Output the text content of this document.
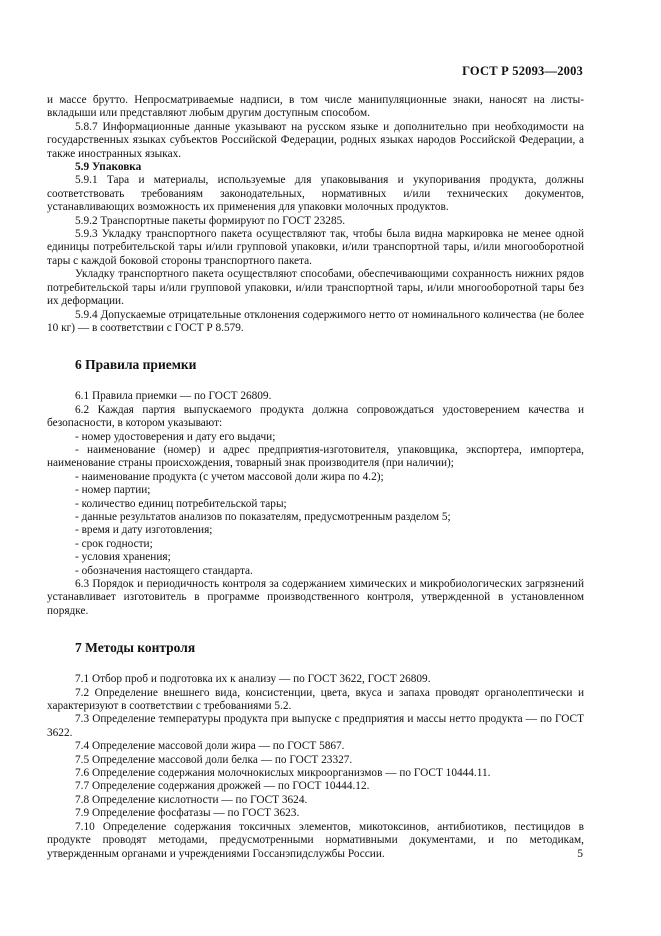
ГОСТ Р 52093—2003

и массе брутто. Непросматриваемые надписи, в том числе манипуляционные знаки, наносят на листы-вкладыши или представляют любым другим доступным способом.

5.8.7 Информационные данные указывают на русском языке и дополнительно при необходимости на государственных языках субъектов Российской Федерации, родных языках народов Российской Федерации, а также иностранных языках.

5.9 Упаковка

5.9.1 Тара и материалы, используемые для упаковывания и укупоривания продукта, должны соответствовать требованиям законодательных, нормативных и/или технических документов, устанавливающих возможность их применения для упаковки молочных продуктов.

5.9.2 Транспортные пакеты формируют по ГОСТ 23285.

5.9.3 Укладку транспортного пакета осуществляют так, чтобы была видна маркировка не менее одной единицы потребительской тары и/или групповой упаковки, и/или транспортной тары, и/или многооборотной тары с каждой боковой стороны транспортного пакета.

Укладку транспортного пакета осуществляют способами, обеспечивающими сохранность нижних рядов потребительской тары и/или групповой упаковки, и/или транспортной тары, и/или многооборотной тары без их деформации.

5.9.4 Допускаемые отрицательные отклонения содержимого нетто от номинального количества (не более 10 кг) — в соответствии с ГОСТ Р 8.579.

6 Правила приемки

6.1 Правила приемки — по ГОСТ 26809.

6.2 Каждая партия выпускаемого продукта должна сопровождаться удостоверением качества и безопасности, в котором указывают:

- номер удостоверения и дату его выдачи;

- наименование (номер) и адрес предприятия-изготовителя, упаковщика, экспортера, импортера, наименование страны происхождения, товарный знак производителя (при наличии);

- наименование продукта (с учетом массовой доли жира по 4.2);

- номер партии;

- количество единиц потребительской тары;

- данные результатов анализов по показателям, предусмотренным разделом 5;

- время и дату изготовления;

- срок годности;

- условия хранения;

- обозначения настоящего стандарта.

6.3 Порядок и периодичность контроля за содержанием химических и микробиологических загрязнений устанавливает изготовитель в программе производственного контроля, утвержденной в установленном порядке.

7 Методы контроля

7.1 Отбор проб и подготовка их к анализу — по ГОСТ 3622, ГОСТ 26809.

7.2 Определение внешнего вида, консистенции, цвета, вкуса и запаха проводят органолептически и характеризуют в соответствии с требованиями 5.2.

7.3 Определение температуры продукта при выпуске с предприятия и массы нетто продукта — по ГОСТ 3622.

7.4 Определение массовой доли жира — по ГОСТ 5867.

7.5 Определение массовой доли белка — по ГОСТ 23327.

7.6 Определение содержания молочнокислых микроорганизмов — по ГОСТ 10444.11.

7.7 Определение содержания дрожжей — по ГОСТ 10444.12.

7.8 Определение кислотности — по ГОСТ 3624.

7.9 Определение фосфатазы — по ГОСТ 3623.

7.10 Определение содержания токсичных элементов, микотоксинов, антибиотиков, пестицидов в продукте проводят методами, предусмотренными нормативными документами, и по методикам, утвержденным органами и учреждениями Госсанэпидслужбы России.	5
